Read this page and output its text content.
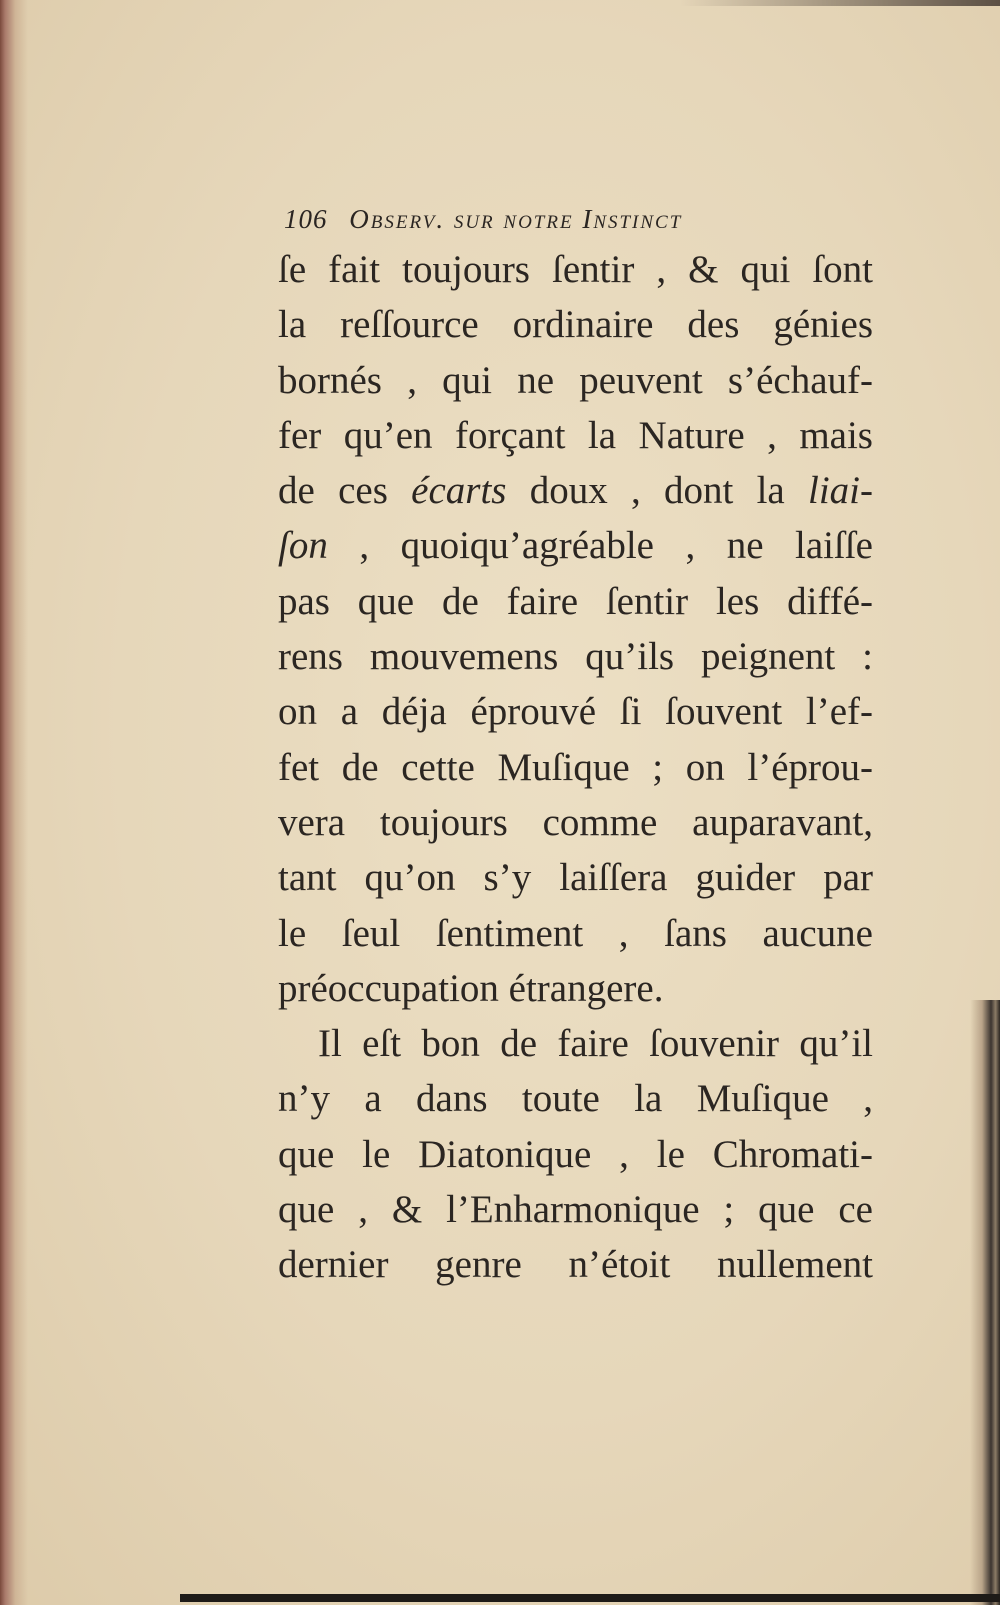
106 Observ. sur notre Instinct
ſe fait toujours ſentir , & qui ſont
la reſſource ordinaire des génies
bornés , qui ne peuvent s’échauf-
fer qu’en forçant la Nature , mais
de ces écarts doux , dont la liai-
ſon , quoiqu’agréable , ne laiſſe
pas que de faire ſentir les diffé-
rens mouvemens qu’ils peignent :
on a déja éprouvé ſi ſouvent l’ef-
fet de cette Muſique ; on l’éprou-
vera toujours comme auparavant,
tant qu’on s’y laiſſera guider par
le ſeul ſentiment , ſans aucune
préoccupation étrangere.
Il eſt bon de faire ſouvenir qu’il
n’y a dans toute la Muſique ,
que le Diatonique , le Chromati-
que , & l’Enharmonique ; que ce
dernier genre n’étoit nullement
